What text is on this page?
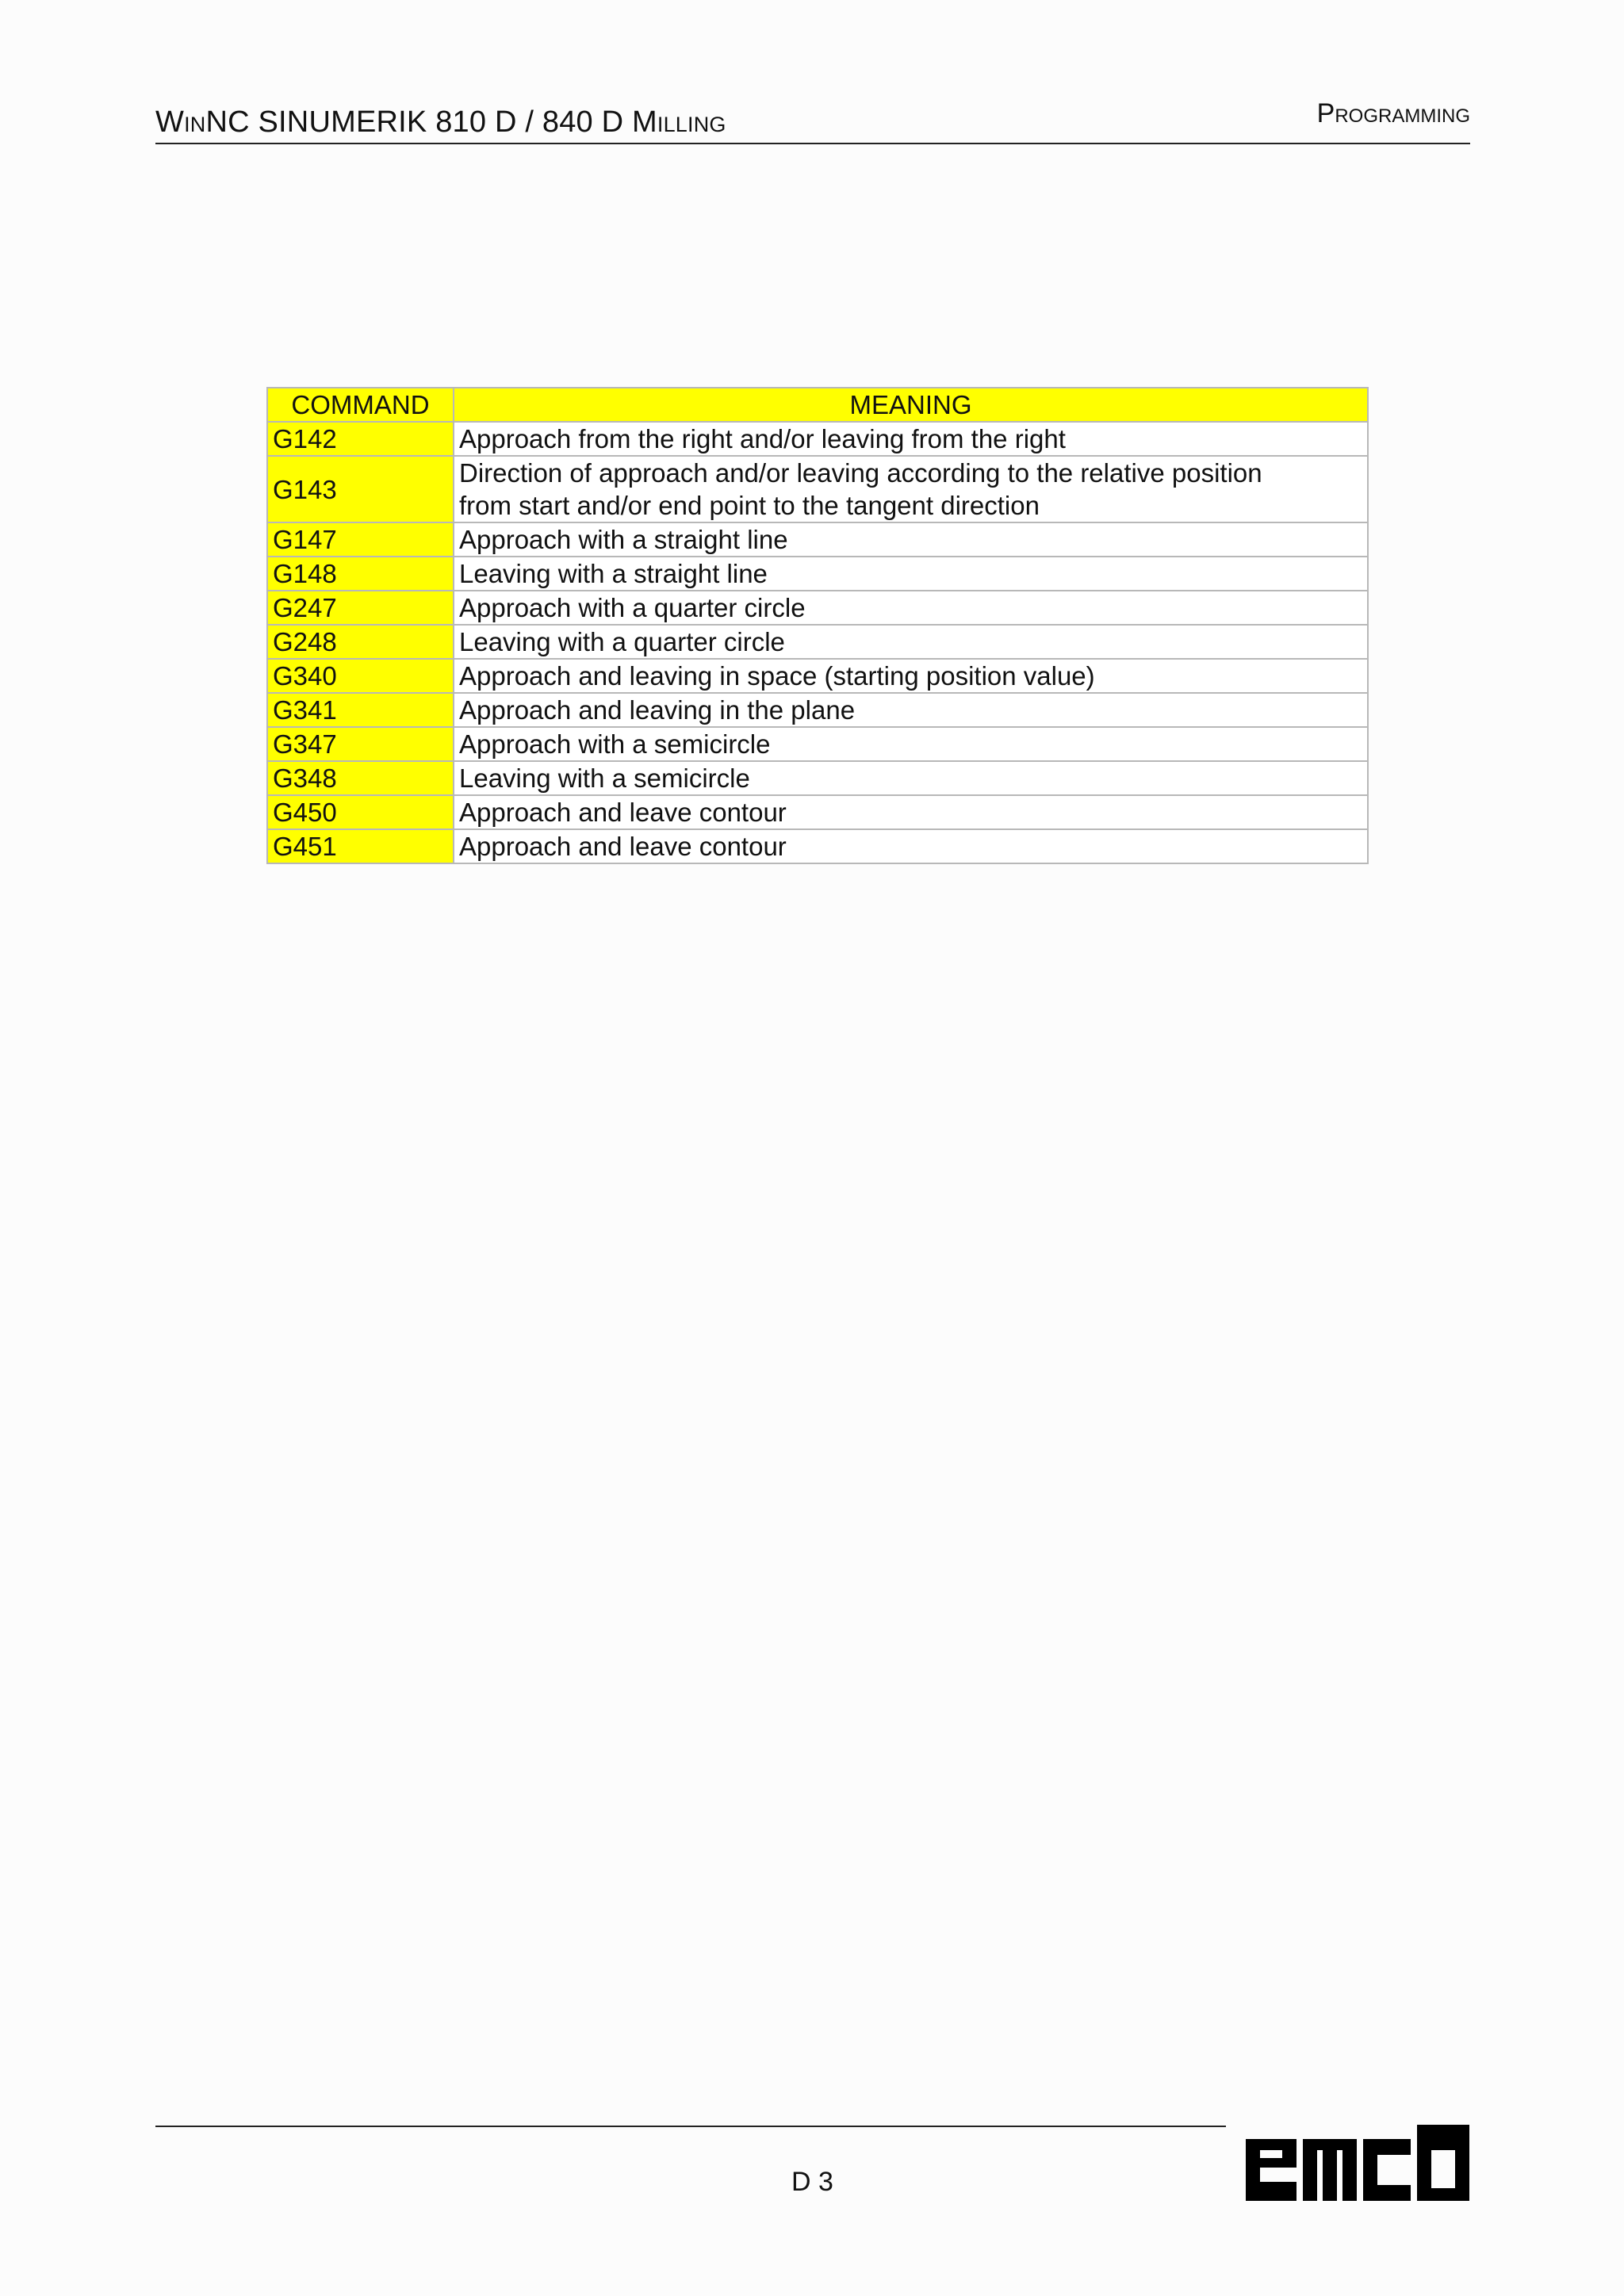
WinNC SINUMERIK 810 D / 840 D Milling	Programming
COMMAND	MEANING
G142	Approach from the right and/or leaving from the right
G143	Direction of approach and/or leaving according to the relative position
from start and/or end point to the tangent direction

G147	Approach with a straight line
G148	Leaving with a straight line
G247	Approach with a quarter circle
G248	Leaving with a quarter circle
G340	Approach and leaving in space (starting position value)
G341	Approach and leaving in the plane
G347	Approach with a semicircle
G348	Leaving with a semicircle
G450	Approach and leave contour
G451	Approach and leave contour
D 3
